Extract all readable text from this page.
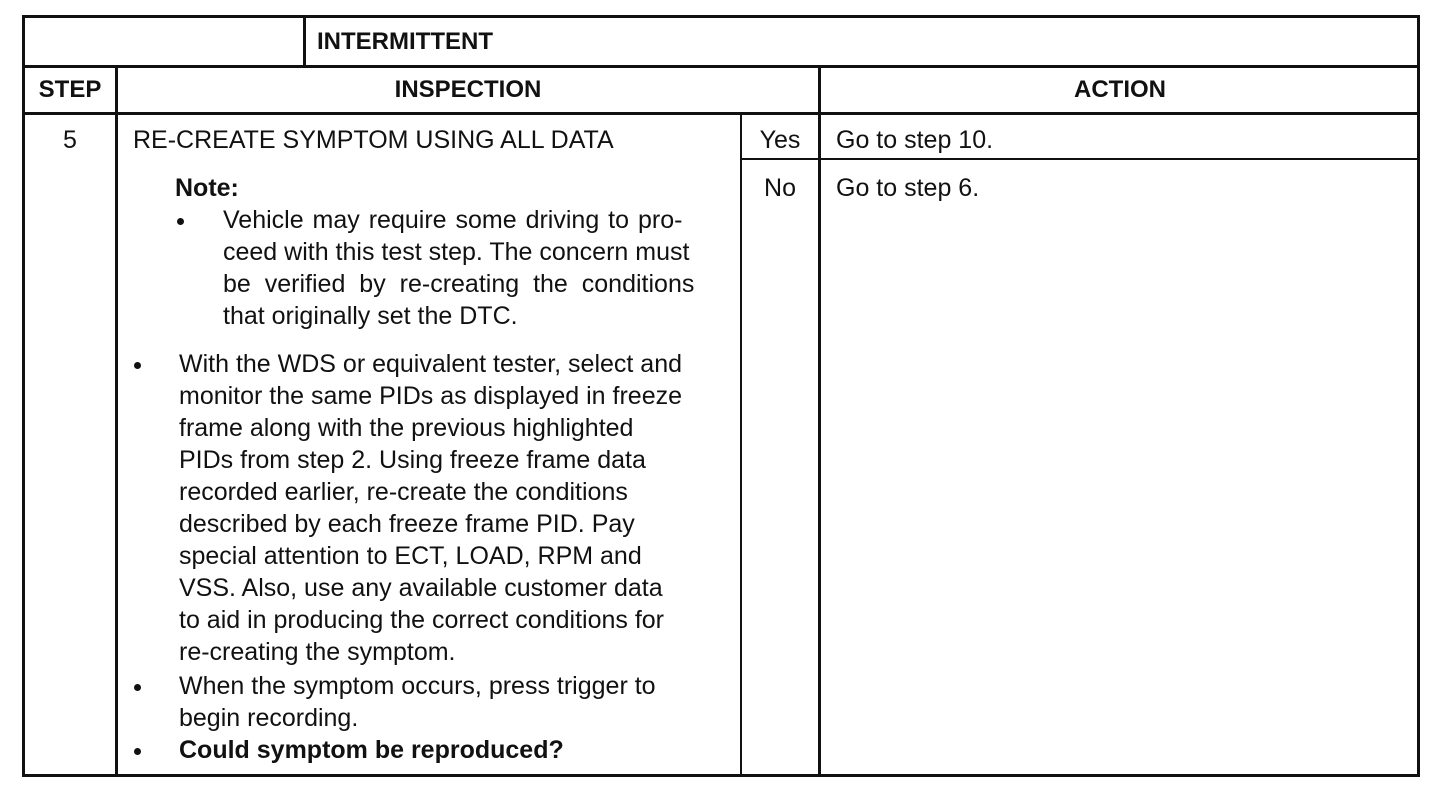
INTERMITTENT
STEP	INSPECTION	ACTION
5	RE-CREATE SYMPTOM USING ALL DATA
Note:
Vehicle may require some driving to pro-
ceed with this test step. The concern must
be verified by re-creating the conditions
that originally set the DTC.
With the WDS or equivalent tester, select and
monitor the same PIDs as displayed in freeze
frame along with the previous highlighted
PIDs from step 2. Using freeze frame data
recorded earlier, re-create the conditions
described by each freeze frame PID. Pay
special attention to ECT, LOAD, RPM and
VSS. Also, use any available customer data
to aid in producing the correct conditions for
re-creating the symptom.
When the symptom occurs, press trigger to
begin recording.
Could symptom be reproduced?
Yes	Go to step 10.
No	Go to step 6.
